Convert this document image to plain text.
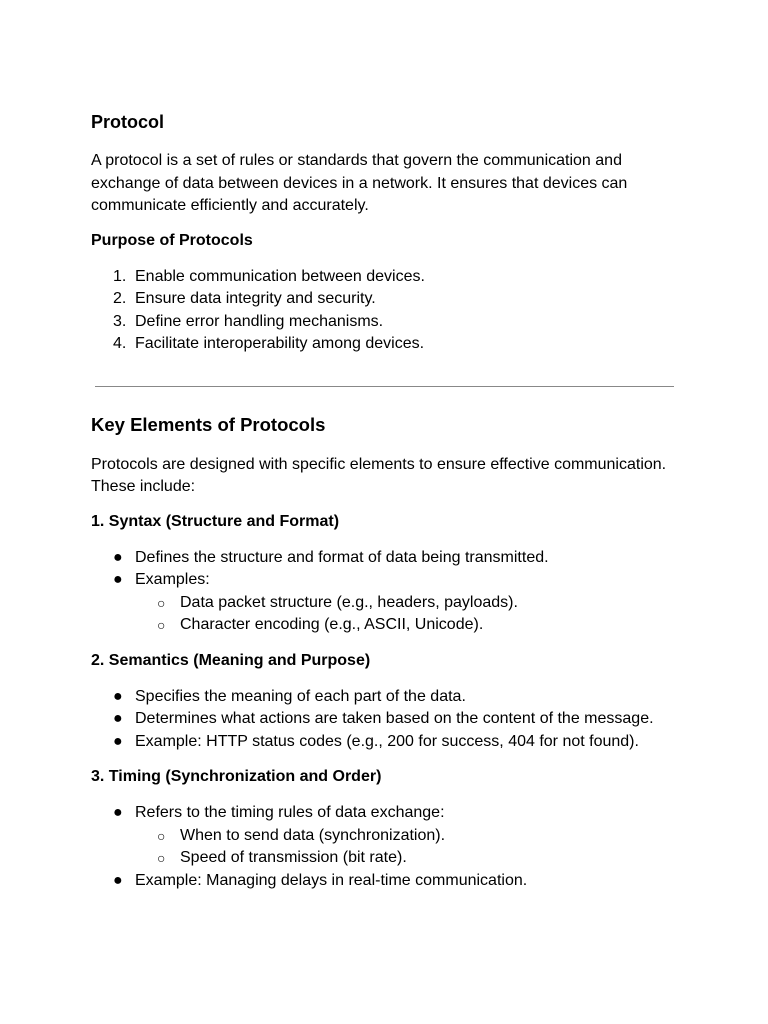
Protocol

A protocol is a set of rules or standards that govern the communication and exchange of data between devices in a network. It ensures that devices can communicate efficiently and accurately.

Purpose of Protocols
1. Enable communication between devices.
2. Ensure data integrity and security.
3. Define error handling mechanisms.
4. Facilitate interoperability among devices.
Key Elements of Protocols

Protocols are designed with specific elements to ensure effective communication. These include:

1. Syntax (Structure and Format)
● Defines the structure and format of data being transmitted.
● Examples:
○ Data packet structure (e.g., headers, payloads).
○ Character encoding (e.g., ASCII, Unicode).
2. Semantics (Meaning and Purpose)
● Specifies the meaning of each part of the data.
● Determines what actions are taken based on the content of the message.
● Example: HTTP status codes (e.g., 200 for success, 404 for not found).
3. Timing (Synchronization and Order)
● Refers to the timing rules of data exchange:
○ When to send data (synchronization).
○ Speed of transmission (bit rate).
● Example: Managing delays in real-time communication.
